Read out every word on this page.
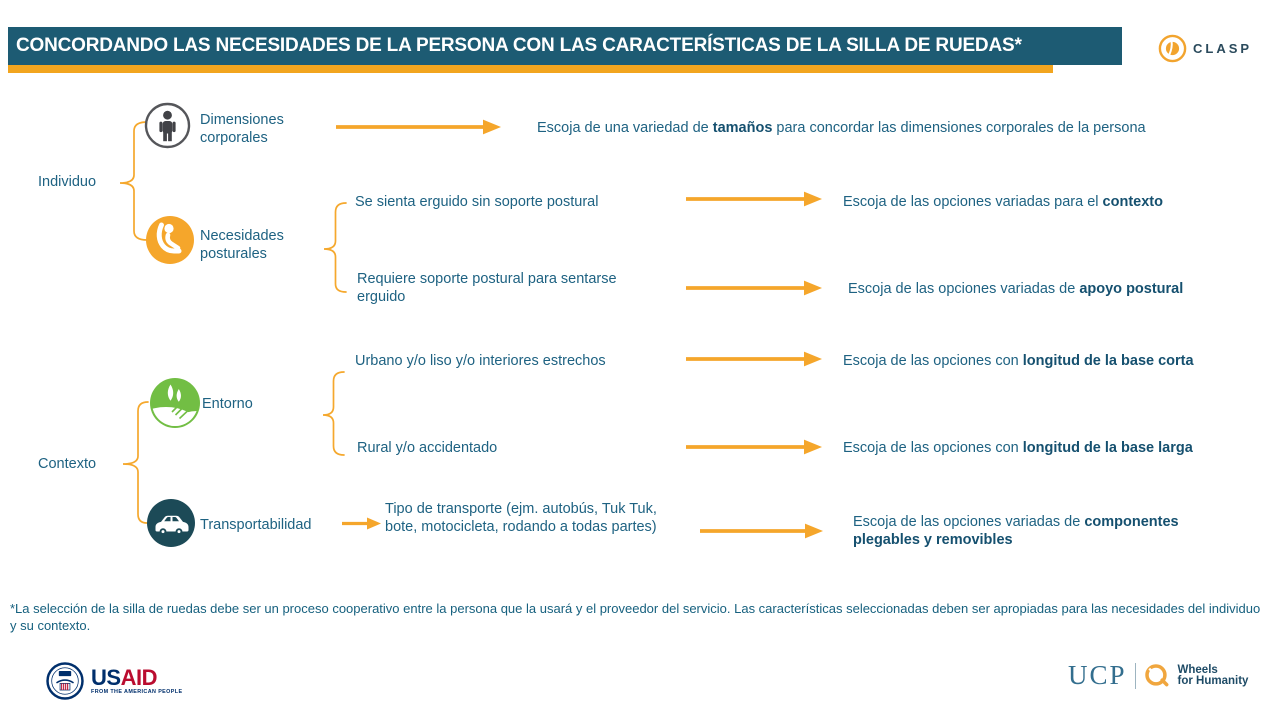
CONCORDANDO LAS NECESIDADES DE LA PERSONA CON LAS CARACTERÍSTICAS DE LA SILLA DE RUEDAS*	CLASP
Individuo
Contexto
Dimensiones corporales
Necesidades posturales
Entorno
Transportabilidad
Se sienta erguido sin soporte postural
Requiere soporte postural para sentarse erguido
Urbano y/o liso y/o interiores estrechos
Rural y/o accidentado
Tipo de transporte (ejm. autobús, Tuk Tuk, bote, motocicleta, rodando a todas partes)
Escoja de una variedad de tamaños para concordar las dimensiones corporales de la persona
Escoja de las opciones variadas para el contexto
Escoja de las opciones variadas de apoyo postural
Escoja de las opciones con longitud de la base corta
Escoja de las opciones con longitud de la base larga
Escoja de las opciones variadas de componentes plegables y removibles
*La selección de la silla de ruedas debe ser un proceso cooperativo entre la persona que la usará y el proveedor del servicio. Las características seleccionadas deben ser apropiadas para las necesidades del individuo y su contexto.
USAID
FROM THE AMERICAN PEOPLE
UCP	Wheels
for Humanity
